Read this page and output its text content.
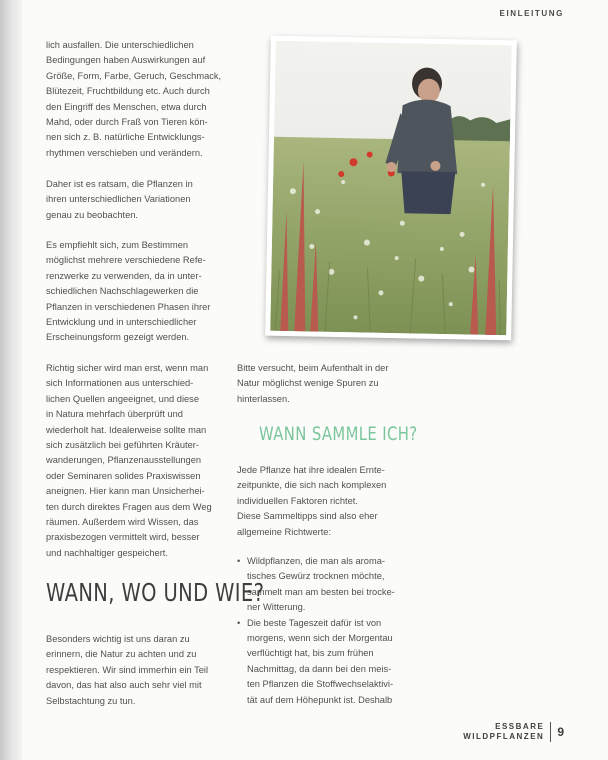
EINLEITUNG
lich ausfallen. Die unterschiedlichen
Bedingungen haben Auswirkungen auf
Größe, Form, Farbe, Geruch, Geschmack,
Blütezeit, Fruchtbildung etc. Auch durch
den Eingriff des Menschen, etwa durch
Mahd, oder durch Fraß von Tieren kön-
nen sich z. B. natürliche Entwicklungs-
rhythmen verschieben und verändern.
Daher ist es ratsam, die Pflanzen in
ihren unterschiedlichen Variationen
genau zu beobachten.
Es empfiehlt sich, zum Bestimmen
möglichst mehrere verschiedene Refe-
renzwerke zu verwenden, da in unter-
schiedlichen Nachschlagewerken die
Pflanzen in verschiedenen Phasen ihrer
Entwicklung und in unterschiedlicher
Erscheinungsform gezeigt werden.
Richtig sicher wird man erst, wenn man
sich Informationen aus unterschied-
lichen Quellen angeeignet, und diese
in Natura mehrfach überprüft und
wiederholt hat. Idealerweise sollte man
sich zusätzlich bei geführten Kräuter-
wanderungen, Pflanzenausstellungen
oder Seminaren solides Praxiswissen
aneignen. Hier kann man Unsicherhei-
ten durch direktes Fragen aus dem Weg
räumen. Außerdem wird Wissen, das
praxisbezogen vermittelt wird, besser
und nachhaltiger gespeichert.
Bitte versucht, beim Aufenthalt in der
Natur möglichst wenige Spuren zu
hinterlassen.
WANN SAMMLE ICH?
Jede Pflanze hat ihre idealen Ernte-
zeitpunkte, die sich nach komplexen
individuellen Faktoren richtet.
Diese Sammeltipps sind also eher
allgemeine Richtwerte:
• Wildpflanzen, die man als aroma-
tisches Gewürz trocknen möchte,
sammelt man am besten bei trocke-
ner Witterung.
• Die beste Tageszeit dafür ist von
morgens, wenn sich der Morgentau
verflüchtigt hat, bis zum frühen
Nachmittag, da dann bei den meis-
ten Pflanzen die Stoffwechselaktivi-
tät auf dem Höhepunkt ist. Deshalb
WANN, WO UND WIE?
Besonders wichtig ist uns daran zu
erinnern, die Natur zu achten und zu
respektieren. Wir sind immerhin ein Teil
davon, das hat also auch sehr viel mit
Selbstachtung zu tun.
ESSBARE
WILDPFLANZEN 9
